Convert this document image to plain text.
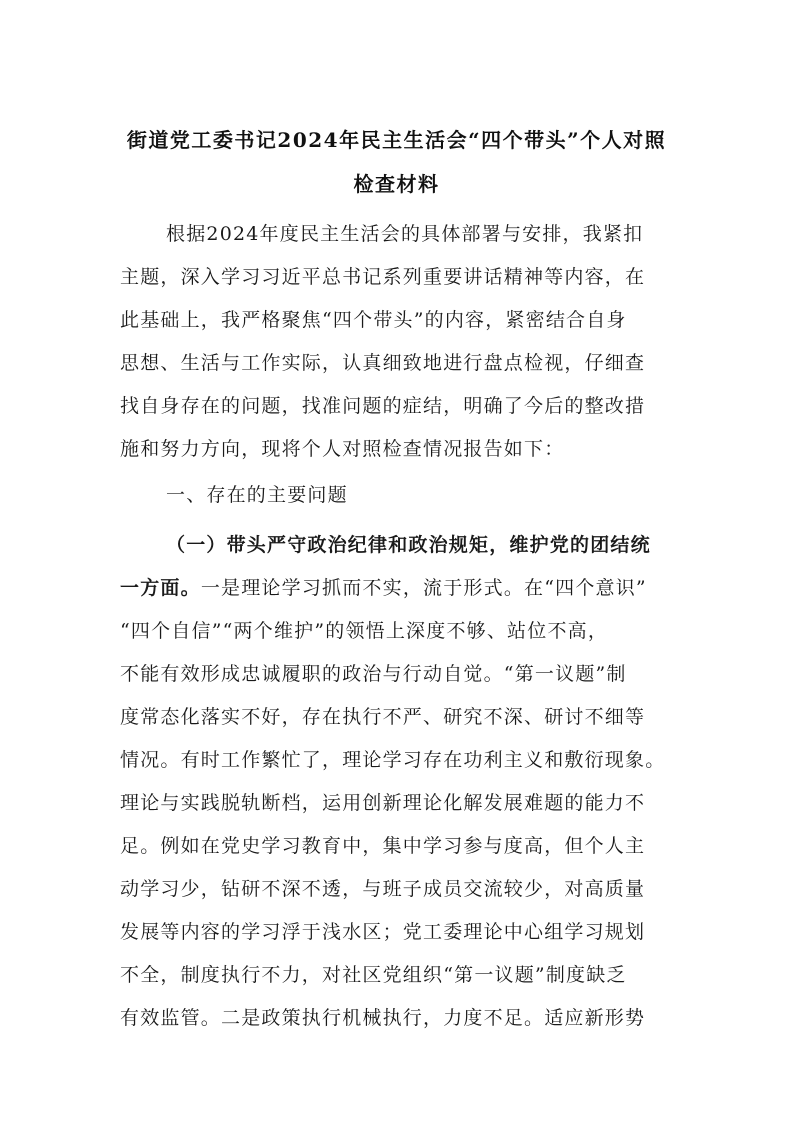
街道党工委书记2024年民主生活会“四个带头”个人对照
检查材料
根据2024年度民主生活会的具体部署与安排，我紧扣
主题，深入学习习近平总书记系列重要讲话精神等内容，在
此基础上，我严格聚焦“四个带头”的内容，紧密结合自身
思想、生活与工作实际，认真细致地进行盘点检视，仔细查
找自身存在的问题，找准问题的症结，明确了今后的整改措
施和努力方向，现将个人对照检查情况报告如下：
一、存在的主要问题
（一）带头严守政治纪律和政治规矩，维护党的团结统
一方面。一是理论学习抓而不实，流于形式。在“四个意识”
“四个自信”“两个维护”的领悟上深度不够、站位不高，
不能有效形成忠诚履职的政治与行动自觉。“第一议题”制
度常态化落实不好，存在执行不严、研究不深、研讨不细等
情况。有时工作繁忙了，理论学习存在功利主义和敷衍现象。
理论与实践脱轨断档，运用创新理论化解发展难题的能力不
足。例如在党史学习教育中，集中学习参与度高，但个人主
动学习少，钻研不深不透，与班子成员交流较少，对高质量
发展等内容的学习浮于浅水区；党工委理论中心组学习规划
不全，制度执行不力，对社区党组织“第一议题”制度缺乏
有效监管。二是政策执行机械执行，力度不足。适应新形势
